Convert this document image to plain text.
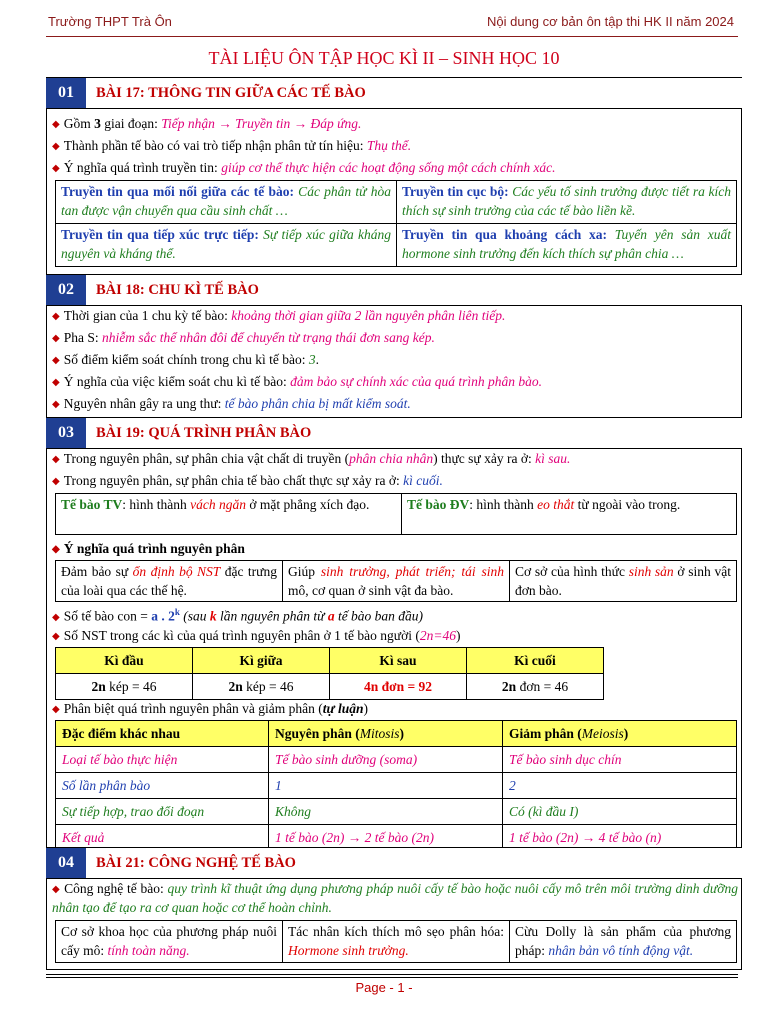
Trường THPT Trà Ôn	Nội dung cơ bản ôn tập thi HK II năm 2024
TÀI LIỆU ÔN TẬP HỌC KÌ II – SINH HỌC 10
01	BÀI 17: THÔNG TIN GIỮA CÁC TẾ BÀO
◆ Gồm 3 giai đoạn: Tiếp nhận → Truyền tin → Đáp ứng.
◆ Thành phần tế bào có vai trò tiếp nhận phân tử tín hiệu: Thụ thể.
◆ Ý nghĩa quá trình truyền tin: giúp cơ thể thực hiện các hoạt động sống một cách chính xác.
Truyền tin qua mối nối giữa các tế bào: Các phân tử hòa tan được vận chuyển qua cầu sinh chất …	Truyền tin cục bộ: Các yếu tố sinh trưởng được tiết ra kích thích sự sinh trưởng của các tế bào liền kề.
Truyền tin qua tiếp xúc trực tiếp: Sự tiếp xúc giữa kháng nguyên và kháng thể.	Truyền tin qua khoảng cách xa: Tuyến yên sản xuất hormone sinh trưởng đến kích thích sự phân chia …
02	BÀI 18: CHU KÌ TẾ BÀO
◆ Thời gian của 1 chu kỳ tế bào: khoảng thời gian giữa 2 lần nguyên phân liên tiếp.
◆ Pha S: nhiễm sắc thể nhân đôi để chuyển từ trạng thái đơn sang kép.
◆ Số điểm kiểm soát chính trong chu kì tế bào: 3.
◆ Ý nghĩa của việc kiểm soát chu kì tế bào: đảm bảo sự chính xác của quá trình phân bào.
◆ Nguyên nhân gây ra ung thư: tế bào phân chia bị mất kiểm soát.
03	BÀI 19: QUÁ TRÌNH PHÂN BÀO
◆ Trong nguyên phân, sự phân chia vật chất di truyền (phân chia nhân) thực sự xảy ra ở: kì sau.
◆ Trong nguyên phân, sự phân chia tế bào chất thực sự xảy ra ở: kì cuối.
Tế bào TV: hình thành vách ngăn ở mặt phẳng xích đạo.	Tế bào ĐV: hình thành eo thắt từ ngoài vào trong.
◆ Ý nghĩa quá trình nguyên phân
Đảm bảo sự ổn định bộ NST đặc trưng của loài qua các thế hệ.	Giúp sinh trưởng, phát triển; tái sinh mô, cơ quan ở sinh vật đa bào.	Cơ sở của hình thức sinh sản ở sinh vật đơn bào.
◆ Số tế bào con = a . 2$^k$ (sau k lần nguyên phân từ a tế bào ban đầu)
◆ Số NST trong các kì của quá trình nguyên phân ở 1 tế bào người (2n=46)
Kì đầu	Kì giữa	Kì sau	Kì cuối
2n kép = 46	2n kép = 46	4n đơn = 92	2n đơn = 46
◆ Phân biệt quá trình nguyên phân và giảm phân (tự luận)
Đặc điểm khác nhau	Nguyên phân (Mitosis)	Giảm phân (Meiosis)
Loại tế bào thực hiện	Tế bào sinh dưỡng (soma)	Tế bào sinh dục chín
Số lần phân bào	1	2
Sự tiếp hợp, trao đổi đoạn	Không	Có (kì đầu I)
Kết quả	1 tế bào (2n) → 2 tế bào (2n)	1 tế bào (2n) → 4 tế bào (n)
04	BÀI 21: CÔNG NGHỆ TẾ BÀO
◆ Công nghệ tế bào: quy trình kĩ thuật ứng dụng phương pháp nuôi cấy tế bào hoặc nuôi cấy mô trên môi trường dinh dưỡng nhân tạo để tạo ra cơ quan hoặc cơ thể hoàn chỉnh.
Cơ sở khoa học của phương pháp nuôi cấy mô: tính toàn năng.	Tác nhân kích thích mô sẹo phân hóa: Hormone sinh trưởng.	Cừu Dolly là sản phẩm của phương pháp: nhân bản vô tính động vật.
Page - 1 -
